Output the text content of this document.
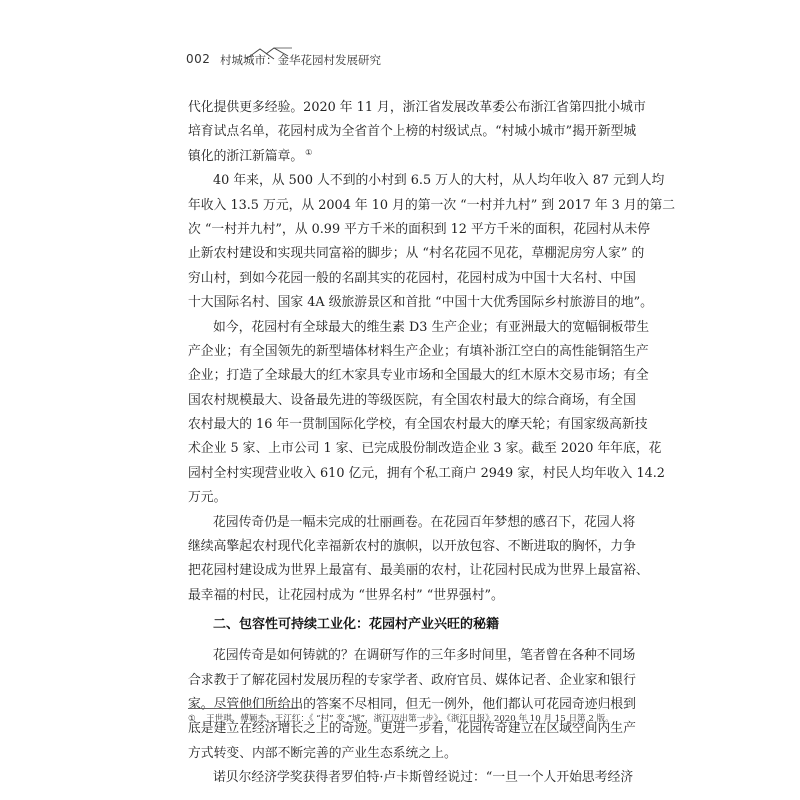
002 村城城市：金华花园村发展研究
代化提供更多经验。2020 年 11 月，浙江省发展改革委公布浙江省第四批小城市
培育试点名单，花园村成为全省首个上榜的村级试点。“村城小城市”揭开新型城
镇化的浙江新篇章。 ①
40 年来，从 500 人不到的小村到 6.5 万人的大村，从人均年收入 87 元到人均
年收入 13.5 万元，从 2004 年 10 月的第一次 “一村并九村” 到 2017 年 3 月的第二
次 “一村并九村”，从 0.99 平方千米的面积到 12 平方千米的面积，花园村从未停
止新农村建设和实现共同富裕的脚步；从 “村名花园不见花，草棚泥房穷人家” 的
穷山村，到如今花园一般的名副其实的花园村，花园村成为中国十大名村、中国
十大国际名村、国家 4A 级旅游景区和首批 “中国十大优秀国际乡村旅游目的地”。
如今，花园村有全球最大的维生素 D3 生产企业；有亚洲最大的宽幅铜板带生
产企业；有全国领先的新型墙体材料生产企业；有填补浙江空白的高性能铜箔生产
企业；打造了全球最大的红木家具专业市场和全国最大的红木原木交易市场；有全
国农村规模最大、设备最先进的等级医院，有全国农村最大的综合商场，有全国
农村最大的 16 年一贯制国际化学校，有全国农村最大的摩天轮；有国家级高新技
术企业 5 家、上市公司 1 家、已完成股份制改造企业 3 家。截至 2020 年年底，花
园村全村实现营业收入 610 亿元，拥有个私工商户 2949 家，村民人均年收入 14.2
万元。
花园传奇仍是一幅未完成的壮丽画卷。在花园百年梦想的感召下，花园人将
继续高擎起农村现代化幸福新农村的旗帜，以开放包容、不断进取的胸怀，力争
把花园村建设成为世界上最富有、最美丽的农村，让花园村民成为世界上最富裕、
最幸福的村民，让花园村成为 “世界名村” “世界强村”。
二、包容性可持续工业化：花园村产业兴旺的秘籍
花园传奇是如何铸就的？在调研写作的三年多时间里，笔者曾在各种不同场
合求教于了解花园村发展历程的专家学者、政府官员、媒体记者、企业家和银行
家。尽管他们所给出的答案不尽相同，但无一例外，他们都认可花园奇迹归根到
底是建立在经济增长之上的奇迹。更进一步看，花园传奇建立在区域空间内生产
方式转变、内部不断完善的产业生态系统之上。
诺贝尔经济学奖获得者罗伯特·卢卡斯曾经说过：“一旦一个人开始思考经济
① 王世琪、傅颖杰、王江红：《 “村” 变 “城”，浙江迈出第一步》，《浙江日报》2020 年 10 月 15 日第 2 版。
